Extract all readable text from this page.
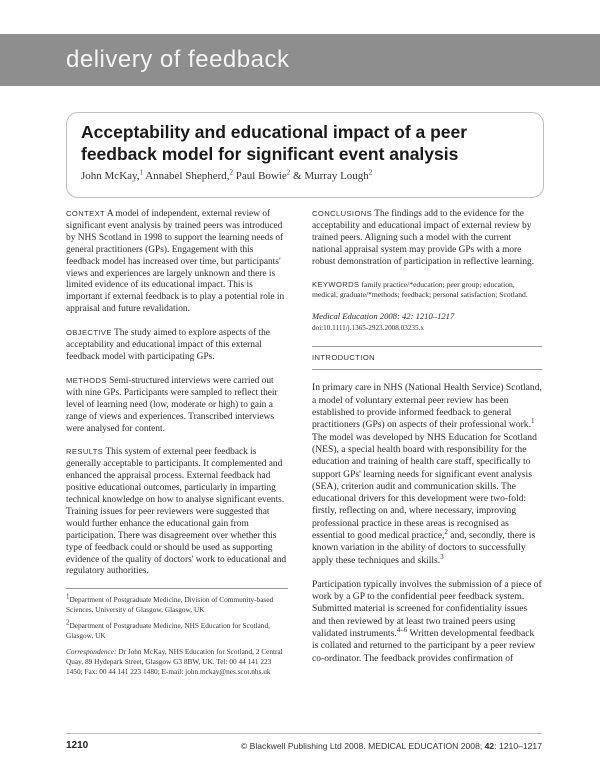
delivery of feedback
Acceptability and educational impact of a peer feedback model for significant event analysis
John McKay,$^1$ Annabel Shepherd,$^2$ Paul Bowie$^2$ & Murray Lough$^2$

CONTEXT A model of independent, external review of significant event analysis by trained peers was introduced by NHS Scotland in 1998 to support the learning needs of general practitioners (GPs). Engagement with this feedback model has increased over time, but participants' views and experiences are largely unknown and there is limited evidence of its educational impact. This is important if external feedback is to play a potential role in appraisal and future revalidation.

OBJECTIVE The study aimed to explore aspects of the acceptability and educational impact of this external feedback model with participating GPs.

METHODS Semi-structured interviews were carried out with nine GPs. Participants were sampled to reflect their level of learning need (low, moderate or high) to gain a range of views and experiences. Transcribed interviews were analysed for content.

RESULTS This system of external peer feedback is generally acceptable to participants. It complemented and enhanced the appraisal process. External feedback had positive educational outcomes, particularly in imparting technical knowledge on how to analyse significant events. Training issues for peer reviewers were suggested that would further enhance the educational gain from participation. There was disagreement over whether this type of feedback could or should be used as supporting evidence of the quality of doctors' work to educational and regulatory authorities.

$^1$Department of Postgraduate Medicine, Division of Community-based Sciences, University of Glasgow, Glasgow, UK

$^2$Department of Postgraduate Medicine, NHS Education for Scotland, Glasgow, UK

Correspondence: Dr John McKay, NHS Education for Scotland, 2 Central Quay, 89 Hydepark Street, Glasgow G3 8BW, UK. Tel: 00 44 141 223 1450; Fax: 00 44 141 223 1480; E-mail: john.mckay@nes.scot.nhs.uk

CONCLUSIONS The findings add to the evidence for the acceptability and educational impact of external review by trained peers. Aligning such a model with the current national appraisal system may provide GPs with a more robust demonstration of participation in reflective learning.

KEYWORDS family practice/*education; peer group; education, medical, graduate/*methods; feedback; personal satisfaction; Scotland.

Medical Education 2008: 42: 1210–1217
doi:10.1111/j.1365-2923.2008.03235.x

INTRODUCTION

In primary care in NHS (National Health Service) Scotland, a model of voluntary external peer review has been established to provide informed feedback to general practitioners (GPs) on aspects of their professional work.$^1$ The model was developed by NHS Education for Scotland (NES), a special health board with responsibility for the education and training of health care staff, specifically to support GPs' learning needs for significant event analysis (SEA), criterion audit and communication skills. The educational drivers for this development were two-fold: firstly, reflecting on and, where necessary, improving professional practice in these areas is recognised as essential to good medical practice,$^2$ and, secondly, there is known variation in the ability of doctors to successfully apply these techniques and skills.$^3$

Participation typically involves the submission of a piece of work by a GP to the confidential peer feedback system. Submitted material is screened for confidentiality issues and then reviewed by at least two trained peers using validated instruments.$^{4-6}$ Written developmental feedback is collated and returned to the participant by a peer review co-ordinator. The feedback provides confirmation of

1210	© Blackwell Publishing Ltd 2008. MEDICAL EDUCATION 2008; 42: 1210–1217
